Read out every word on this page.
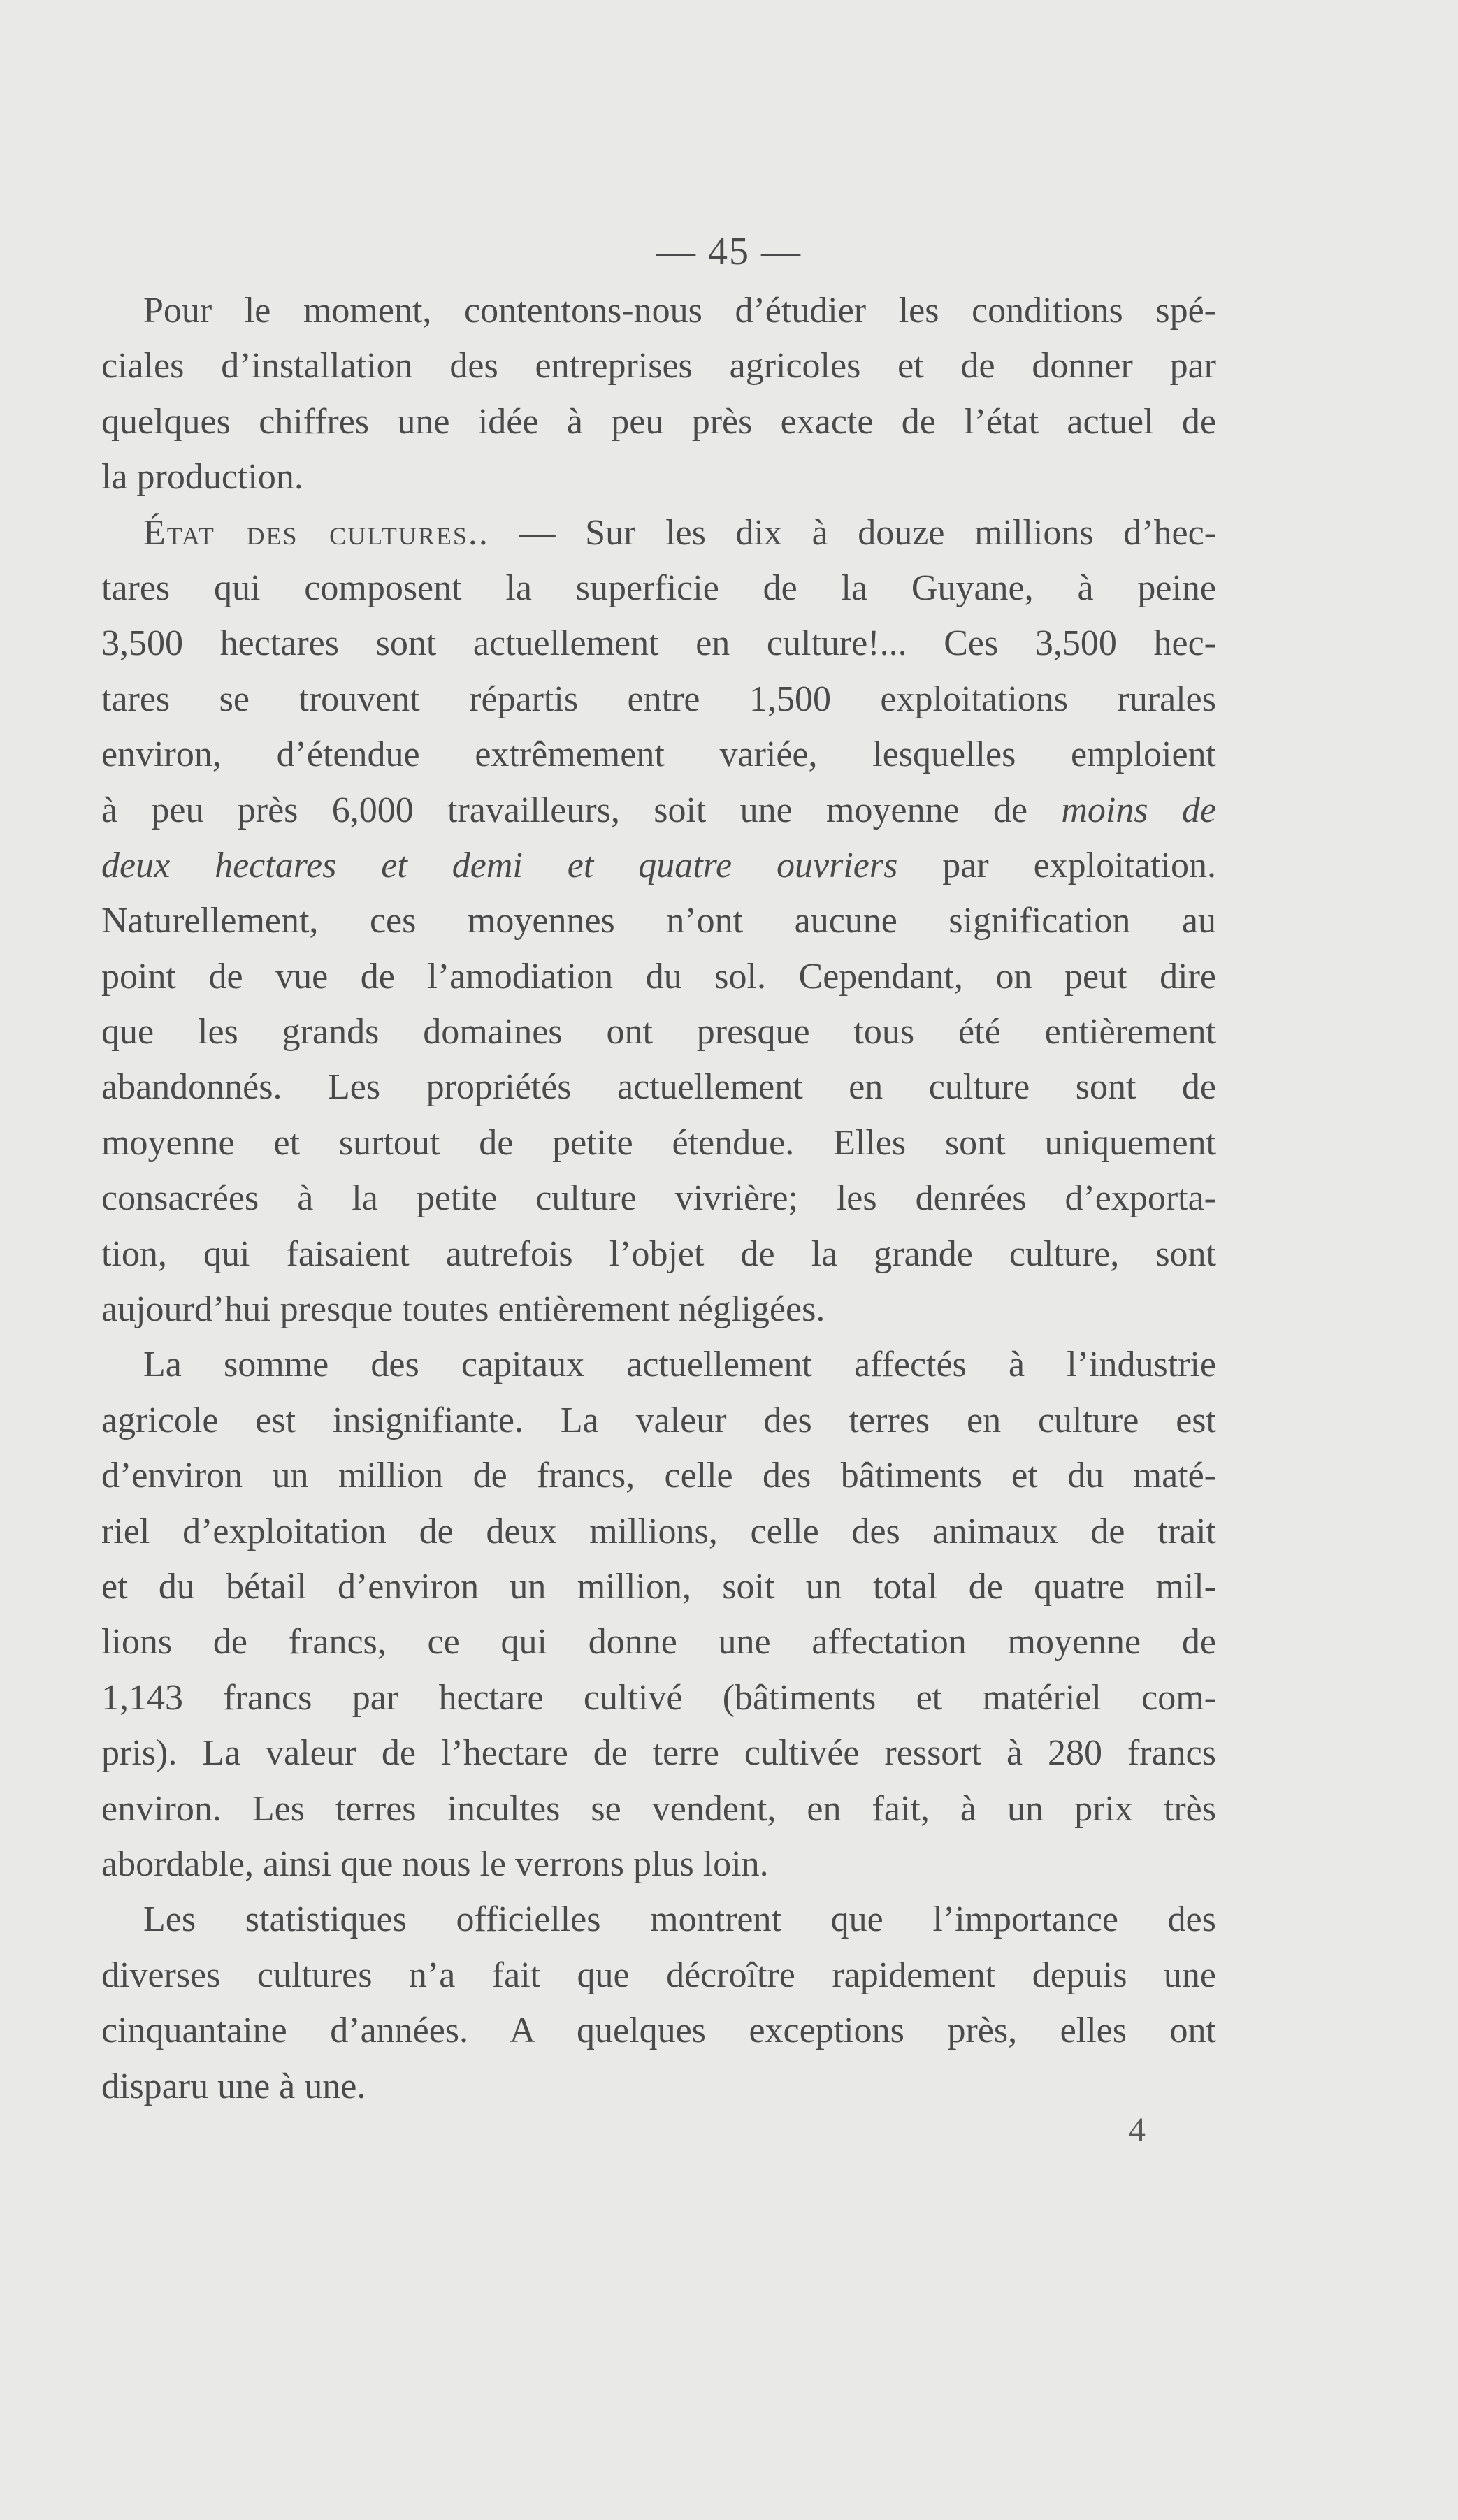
— 45 —
Pour le moment, contentons-nous d’étudier les conditions spé-
ciales d’installation des entreprises agricoles et de donner par
quelques chiffres une idée à peu près exacte de l’état actuel de
la production.
État des cultures.. — Sur les dix à douze millions d’hec-
tares qui composent la superficie de la Guyane, à peine
3,500 hectares sont actuellement en culture!... Ces 3,500 hec-
tares se trouvent répartis entre 1,500 exploitations rurales
environ, d’étendue extrêmement variée, lesquelles emploient
à peu près 6,000 travailleurs, soit une moyenne de moins de
deux hectares et demi et quatre ouvriers par exploitation.
Naturellement, ces moyennes n’ont aucune signification au
point de vue de l’amodiation du sol. Cependant, on peut dire
que les grands domaines ont presque tous été entièrement
abandonnés. Les propriétés actuellement en culture sont de
moyenne et surtout de petite étendue. Elles sont uniquement
consacrées à la petite culture vivrière; les denrées d’exporta-
tion, qui faisaient autrefois l’objet de la grande culture, sont
aujourd’hui presque toutes entièrement négligées.
La somme des capitaux actuellement affectés à l’industrie
agricole est insignifiante. La valeur des terres en culture est
d’environ un million de francs, celle des bâtiments et du maté-
riel d’exploitation de deux millions, celle des animaux de trait
et du bétail d’environ un million, soit un total de quatre mil-
lions de francs, ce qui donne une affectation moyenne de
1,143 francs par hectare cultivé (bâtiments et matériel com-
pris). La valeur de l’hectare de terre cultivée ressort à 280 francs
environ. Les terres incultes se vendent, en fait, à un prix très
abordable, ainsi que nous le verrons plus loin.
Les statistiques officielles montrent que l’importance des
diverses cultures n’a fait que décroître rapidement depuis une
cinquantaine d’années. A quelques exceptions près, elles ont
disparu une à une.
4
